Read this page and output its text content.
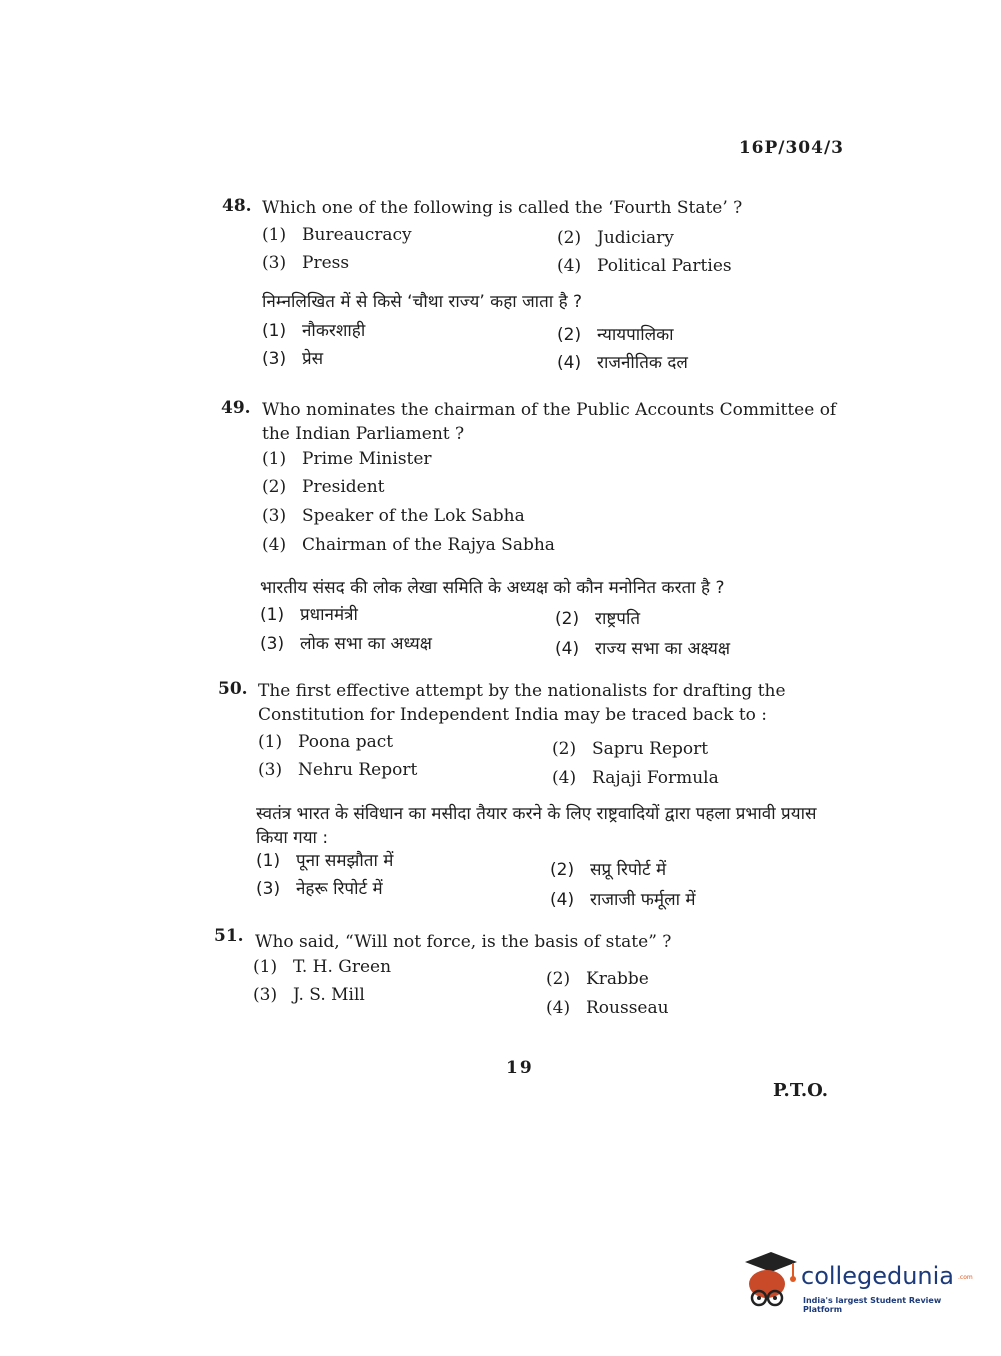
16P/304/3
48. Which one of the following is called the ‘Fourth State’ ?
(1) Bureaucracy	(2) Judiciary
(3) Press	(4) Political Parties
निम्नलिखित में से किसे ‘चौथा राज्य’ कहा जाता है ?
(1) नौकरशाही	(2) न्यायपालिका
(3) प्रेस	(4) राजनीतिक दल
49. Who nominates the chairman of the Public Accounts Committee of the Indian Parliament ?
(1) Prime Minister
(2) President
(3) Speaker of the Lok Sabha
(4) Chairman of the Rajya Sabha
भारतीय संसद की लोक लेखा समिति के अध्यक्ष को कौन मनोनित करता है ?
(1) प्रधानमंत्री	(2) राष्ट्रपति
(3) लोक सभा का अध्यक्ष	(4) राज्य सभा का अक्ष्यक्ष
50. The first effective attempt by the nationalists for drafting the Constitution for Independent India may be traced back to :
(1) Poona pact	(2) Sapru Report
(3) Nehru Report	(4) Rajaji Formula
स्वतंत्र भारत के संविधान का मसीदा तैयार करने के लिए राष्ट्रवादियों द्वारा पहला प्रभावी प्रयास किया गया :
(1) पूना समझौता में	(2) सप्रू रिपोर्ट में
(3) नेहरू रिपोर्ट में
(4) राजाजी फर्मूला में
51. Who said, “Will not force, is the basis of state” ?
(1) T. H. Green
(2) Krabbe
(3) J. S. Mill
(4) Rousseau
19
P.T.O.
collegedunia .com
India's largest Student Review Platform
